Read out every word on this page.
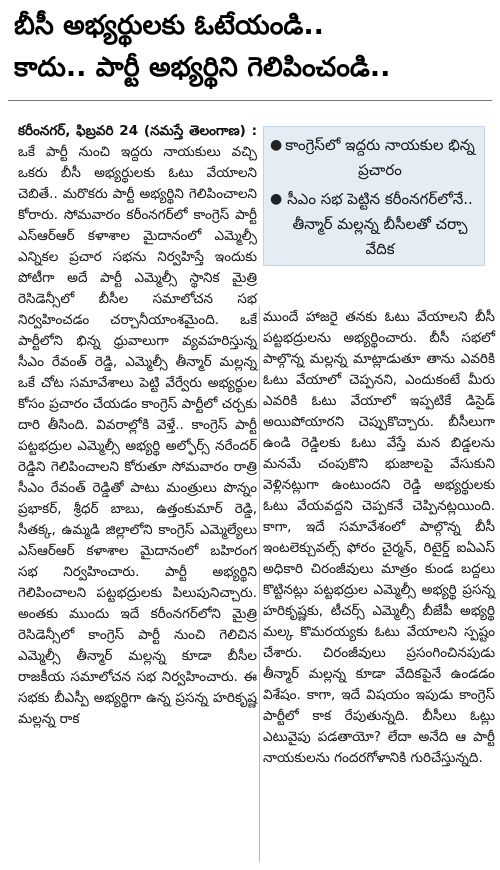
బీసీ అభ్యర్థులకు ఓటేయండి..
కాదు.. పార్టీ అభ్యర్థిని గెలిపించండి..

కరీంనగర్, ఫిబ్రవరి 24 (నమస్తే తెలంగాణ) : ఒకే పార్టీ నుంచి ఇద్దరు నాయకులు వచ్చి ఒకరు బీసీ అభ్యర్థులకు ఓటు వేయాలని చెబితే.. మరొకరు పార్టీ అభ్యర్థిని గెలిపించాలని కోరారు. సోమవారం కరీంనగర్‌లో కాంగ్రెస్ పార్టీ ఎస్ఆర్ఆర్ కళాశాల మైదానంలో ఎమ్మెల్సీ ఎన్నికల ప్రచార సభను నిర్వహిస్తే ఇందుకు పోటీగా అదే పార్టీ ఎమ్మెల్సీ స్థానిక మైత్రి రెసిడెన్సీలో బీసీల సమాలోచన సభ నిర్వహించడం చర్చానీయాంశమైంది. ఒకే పార్టీలోని భిన్న ధ్రువాలుగా వ్యవహరిస్తున్న సీఎం రేవంత్ రెడ్డి, ఎమ్మెల్సీ తీన్మార్ మల్లన్న ఒకే చోట సమావేశాలు పెట్టి వేర్వేరు అభ్యర్థుల కోసం ప్రచారం చేయడం కాంగ్రెస్ పార్టీలో చర్చకు దారి తీసింది. వివరాల్లోకి వెళ్తే.. కాంగ్రెస్ పార్టీ పట్టభద్రుల ఎమ్మెల్సీ అభ్యర్థి అల్ఫోర్స్ నరేందర్ రెడ్డిని గెలిపించాలని కోరుతూ సోమవారం రాత్రి సీఎం రేవంత్ రెడ్డితో పాటు మంత్రులు పొన్నం ప్రభాకర్, శ్రీధర్ బాబు, ఉత్తంకుమార్ రెడ్డి, సీతక్క, ఉమ్మడి జిల్లాలోని కాంగ్రెస్ ఎమ్మెల్యేలు ఎస్ఆర్ఆర్ కళాశాల మైదానంలో బహిరంగ సభ నిర్వహించారు. పార్టీ అభ్యర్థిని గెలిపించాలని పట్టభద్రులకు పిలుపునిచ్చారు. అంతకు ముందు ఇదే కరీంనగర్‌లోని మైత్రి రెసిడెన్సీలో కాంగ్రెస్ పార్టీ నుంచి గెలిచిన ఎమ్మెల్సీ తీన్మార్ మల్లన్న కూడా బీసీల రాజకీయ సమాలోచన సభ నిర్వహించారు. ఈ సభకు బీఎస్పీ అభ్యర్థిగా ఉన్న ప్రసన్న హరికృష్ణ మల్లన్న రాక

● కాంగ్రెస్‌లో ఇద్దరు నాయకుల భిన్న ప్రచారం
● సీఎం సభ పెట్టిన కరీంనగర్‌లోనే.. తీన్మార్ మల్లన్న బీసీలతో చర్చా వేదిక

ముందే హాజరై తనకు ఓటు వేయాలని బీసీ పట్టభద్రులను అభ్యర్థించారు. బీసీ సభలో పాల్గొన్న మల్లన్న మాట్లాడుతూ తాను ఎవరికి ఓటు వేయాలో చెప్పనని, ఎందుకంటే మీరు ఎవరికి ఓటు వేయాలో ఇప్పటికే డిసైడ్ అయిపోయారని చెప్పుకొచ్చారు. బీసీలుగా ఉండి రెడ్డిలకు ఓటు వేస్తే మన బిడ్డలను మనమే చంపుకొని భుజాలపై వేసుకుని వెళ్లినట్లుగా ఉంటుందని రెడ్డి అభ్యర్థులకు ఓటు వేయవద్దని చెప్పకనే చెప్పినట్లయింది. కాగా, ఇదే సమావేశంలో పాల్గొన్న బీసీ ఇంటలెక్చువల్స్ ఫోరం చైర్మన్, రిటైర్డ్ ఐఏఎస్ అధికారి చిరంజీవులు మాత్రం కుండ బద్దలు కొట్టినట్లు పట్టభద్రుల ఎమ్మెల్సీ అభ్యర్థి ప్రసన్న హరికృష్ణకు, టీచర్స్ ఎమ్మెల్సీ బీజేపీ అభ్యర్థి మల్క కొమరయ్యకు ఓటు వేయాలని స్పష్టం చేశారు. చిరంజీవులు ప్రసంగించినపుడు తీన్మార్ మల్లన్న కూడా వేదికపైనే ఉండడం విశేషం. కాగా, ఇదే విషయం ఇపుడు కాంగ్రెస్ పార్టీలో కాక రేపుతున్నది. బీసీలు ఓట్లు ఎటువైపు పడతాయో? లేదా అనేది ఆ పార్టీ నాయకులను గందరగోళానికి గురిచేస్తున్నది.
